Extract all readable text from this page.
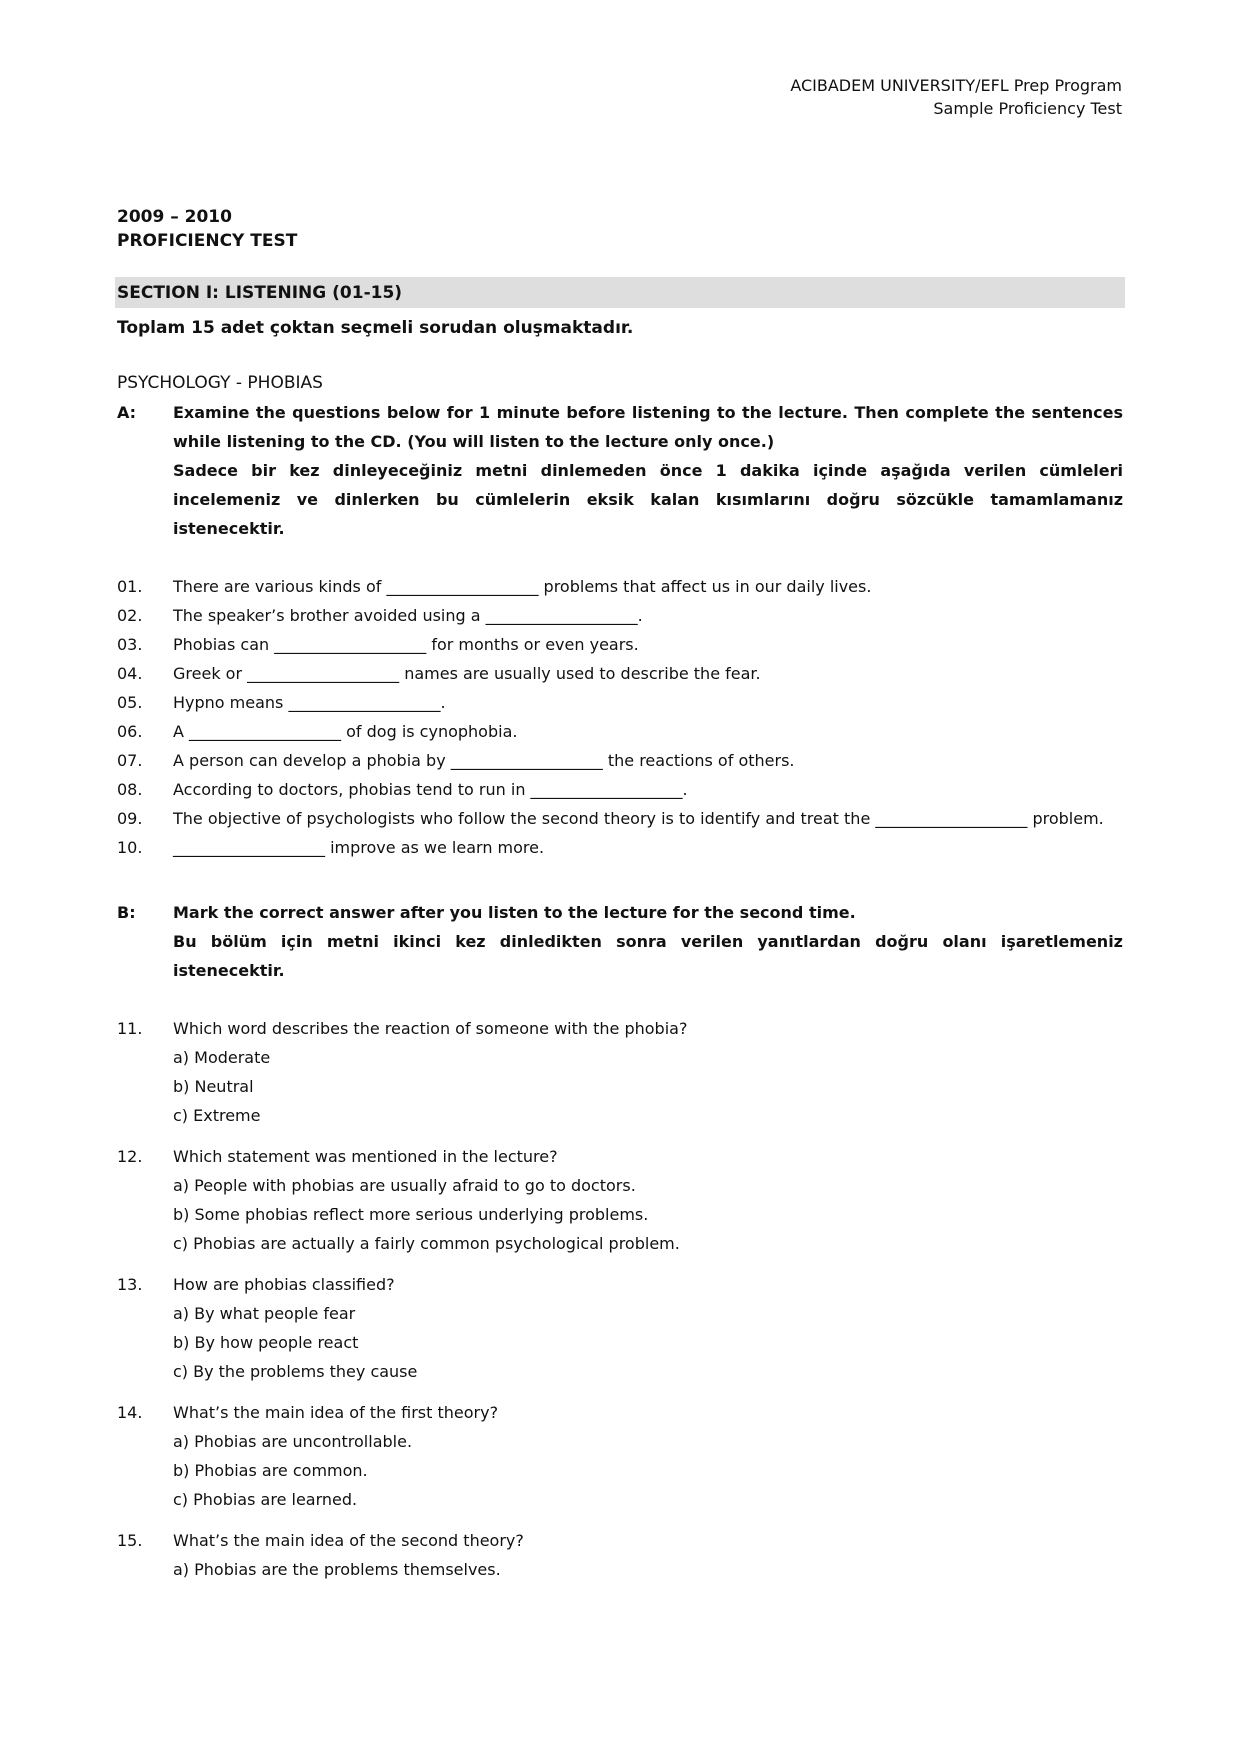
ACIBADEM UNIVERSITY/EFL Prep Program
Sample Proficiency Test
2009 – 2010
PROFICIENCY TEST
SECTION I: LISTENING (01-15)
Toplam 15 adet çoktan seçmeli sorudan oluşmaktadır.
PSYCHOLOGY - PHOBIAS
A: Examine the questions below for 1 minute before listening to the lecture. Then complete the sentences while listening to the CD. (You will listen to the lecture only once.)
Sadece bir kez dinleyeceğiniz metni dinlemeden önce 1 dakika içinde aşağıda verilen cümleleri incelemeniz ve dinlerken bu cümlelerin eksik kalan kısımlarını doğru sözcükle tamamlamanız istenecektir.
01. There are various kinds of ___________________ problems that affect us in our daily lives.
02. The speaker’s brother avoided using a ___________________.
03. Phobias can ___________________ for months or even years.
04. Greek or ___________________ names are usually used to describe the fear.
05. Hypno means ___________________.
06. A ___________________ of dog is cynophobia.
07. A person can develop a phobia by ___________________ the reactions of others.
08. According to doctors, phobias tend to run in ___________________.
09. The objective of psychologists who follow the second theory is to identify and treat the ___________________ problem.
10. ___________________ improve as we learn more.
B: Mark the correct answer after you listen to the lecture for the second time.
Bu bölüm için metni ikinci kez dinledikten sonra verilen yanıtlardan doğru olanı işaretlemeniz istenecektir.
11. Which word describes the reaction of someone with the phobia?
a) Moderate
b) Neutral
c) Extreme
12. Which statement was mentioned in the lecture?
a) People with phobias are usually afraid to go to doctors.
b) Some phobias reflect more serious underlying problems.
c) Phobias are actually a fairly common psychological problem.
13. How are phobias classified?
a) By what people fear
b) By how people react
c) By the problems they cause
14. What’s the main idea of the first theory?
a) Phobias are uncontrollable.
b) Phobias are common.
c) Phobias are learned.
15. What’s the main idea of the second theory?
a) Phobias are the problems themselves.
